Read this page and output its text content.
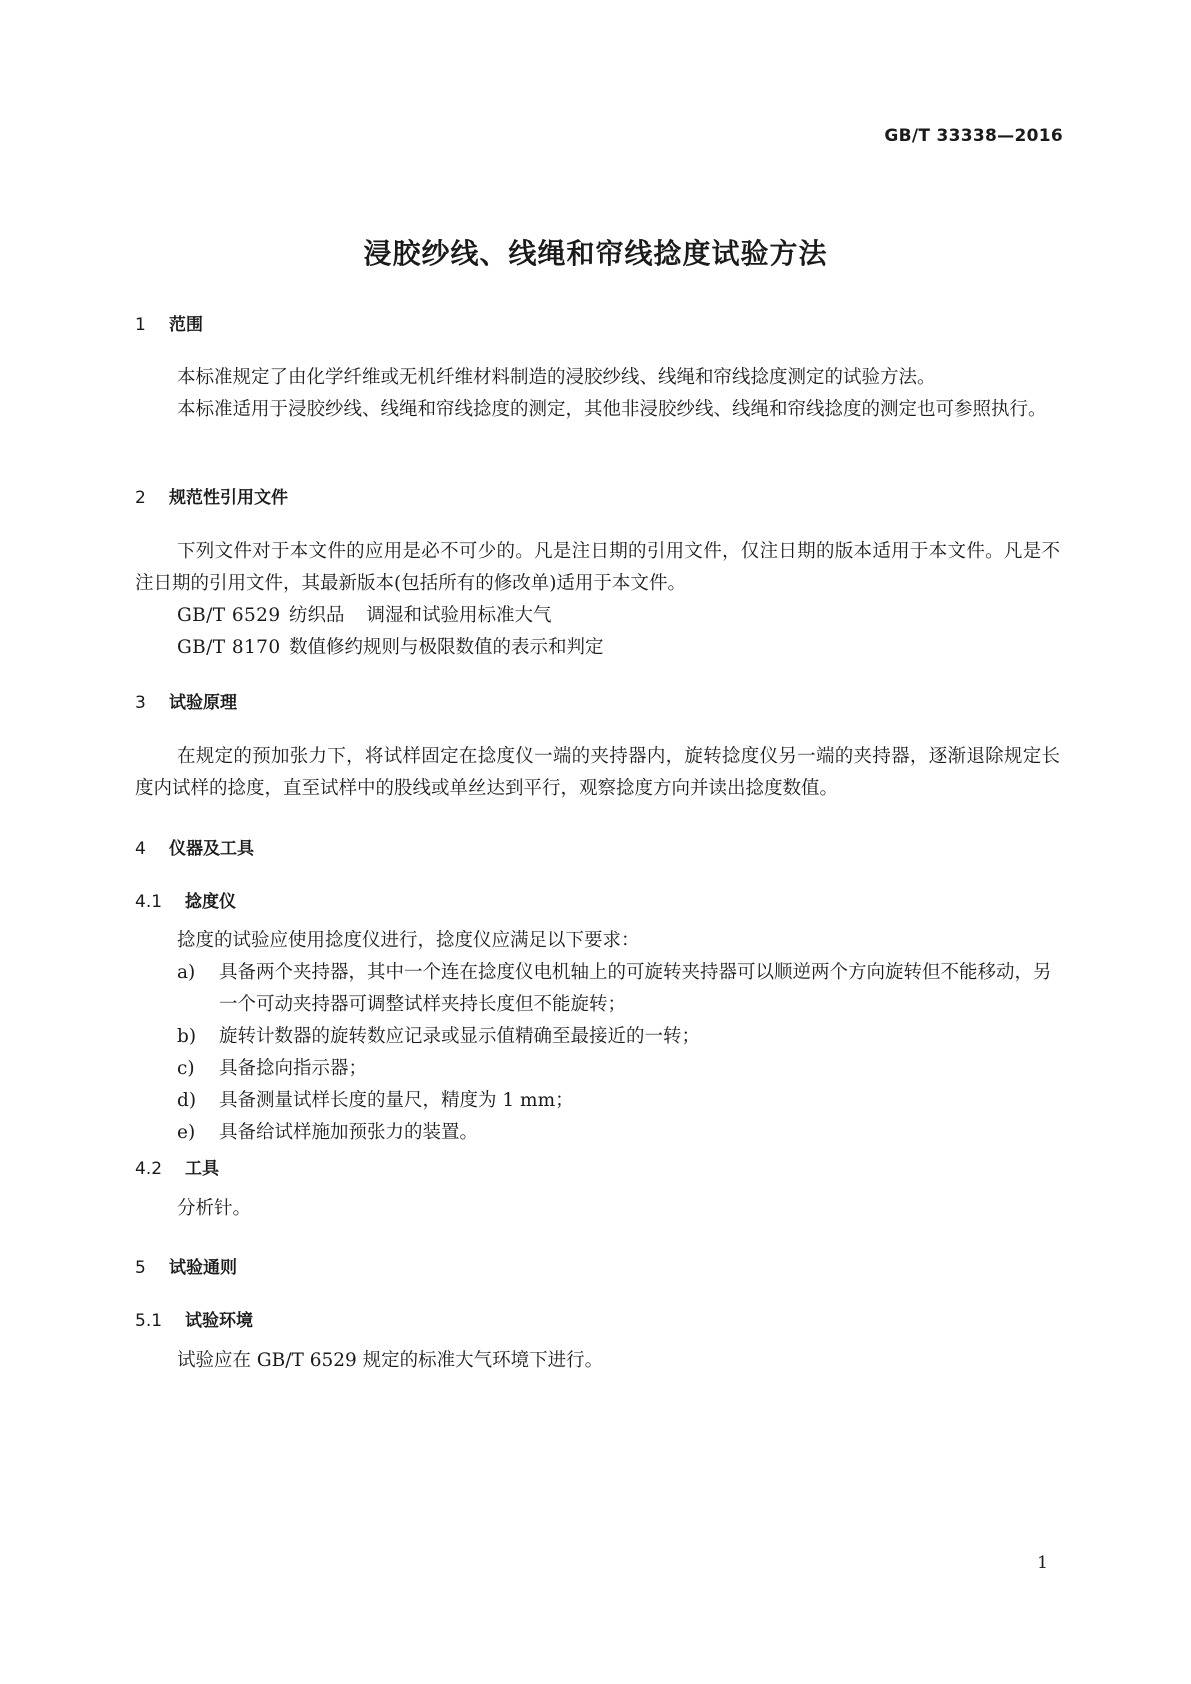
GB/T 33338—2016
浸胶纱线、线绳和帘线捻度试验方法
1 范围
本标准规定了由化学纤维或无机纤维材料制造的浸胶纱线、线绳和帘线捻度测定的试验方法。
本标准适用于浸胶纱线、线绳和帘线捻度的测定，其他非浸胶纱线、线绳和帘线捻度的测定也可参照执行。
2 规范性引用文件
下列文件对于本文件的应用是必不可少的。凡是注日期的引用文件，仅注日期的版本适用于本文件。凡是不注日期的引用文件，其最新版本(包括所有的修改单)适用于本文件。
GB/T 6529 纺织品 调湿和试验用标准大气
GB/T 8170 数值修约规则与极限数值的表示和判定
3 试验原理
在规定的预加张力下，将试样固定在捻度仪一端的夹持器内，旋转捻度仪另一端的夹持器，逐渐退除规定长度内试样的捻度，直至试样中的股线或单丝达到平行，观察捻度方向并读出捻度数值。
4 仪器及工具
4.1 捻度仪
捻度的试验应使用捻度仪进行，捻度仪应满足以下要求：
a) 具备两个夹持器，其中一个连在捻度仪电机轴上的可旋转夹持器可以顺逆两个方向旋转但不能移动，另一个可动夹持器可调整试样夹持长度但不能旋转；
b) 旋转计数器的旋转数应记录或显示值精确至最接近的一转；
c) 具备捻向指示器；
d) 具备测量试样长度的量尺，精度为 1 mm；
e) 具备给试样施加预张力的装置。
4.2 工具
分析针。
5 试验通则
5.1 试验环境
试验应在 GB/T 6529 规定的标准大气环境下进行。
1
